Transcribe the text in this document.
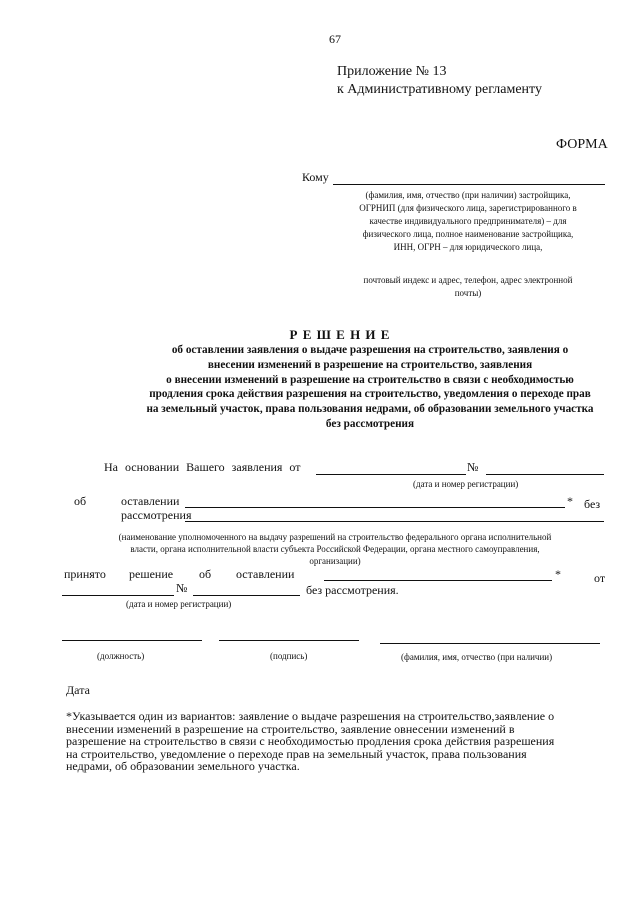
67
Приложение № 13
к Административному регламенту
ФОРМА
Кому
(фамилия, имя, отчество (при наличии) застройщика,
ОГРНИП (для физического лица, зарегистрированного в
качестве индивидуального предпринимателя) – для
физического лица, полное наименование застройщика,
ИНН, ОГРН – для юридического лица,
почтовый индекс и адрес, телефон, адрес электронной
почты)
Р Е Ш Е Н И Е
об оставлении заявления о выдаче разрешения на строительство, заявления о
внесении изменений в разрешение на строительство, заявления
о внесении изменений в разрешение на строительство в связи с необходимостью
продления срока действия разрешения на строительство, уведомления о переходе прав
на земельный участок, права пользования недрами, об образовании земельного участка
без рассмотрения
На основании Вашего заявления от	№
(дата и номер регистрации)
об	оставлении
рассмотрения
* без
(наименование уполномоченного на выдачу разрешений на строительство федерального органа исполнительной
власти, органа исполнительной власти субъекта Российской Федерации, органа местного самоуправления,
организации)
принято решение об оставлении	*	от
№	без рассмотрения.
(дата и номер регистрации)
(должность)	(подпись)	(фамилия, имя, отчество (при наличии)
Дата
*Указывается один из вариантов: заявление о выдаче разрешения на строительство,заявление о
внесении изменений в разрешение на строительство, заявление овнесении изменений в
разрешение на строительство в связи с необходимостью продления срока действия разрешения
на строительство, уведомление о переходе прав на земельный участок, права пользования
недрами, об образовании земельного участка.
